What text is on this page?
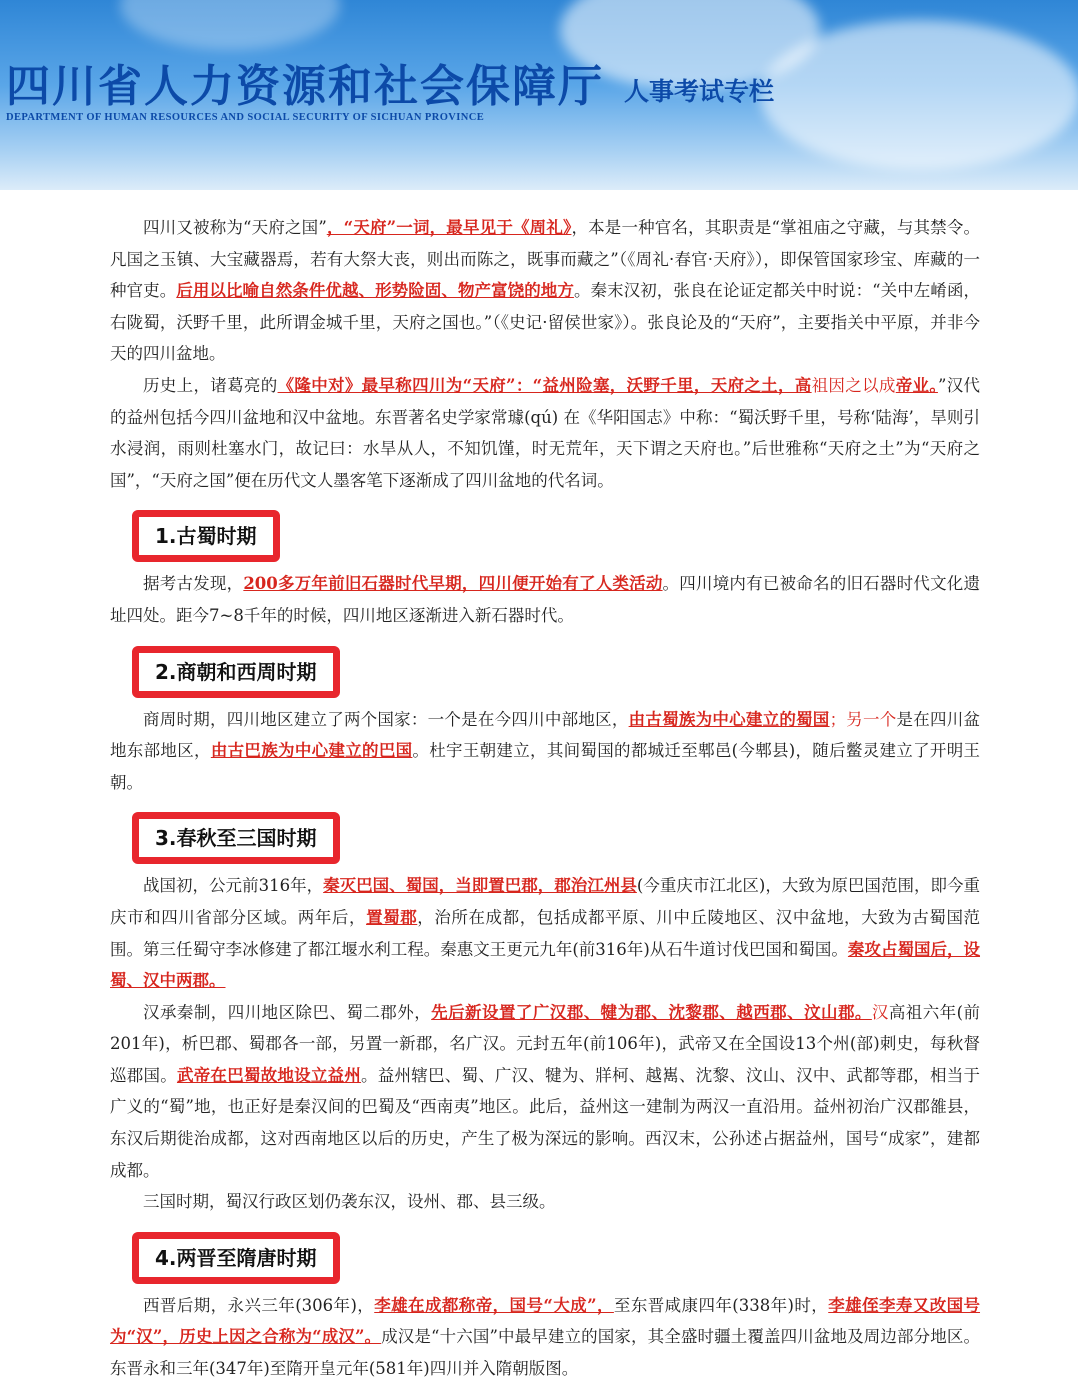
四川省人力资源和社会保障厅

DEPARTMENT OF HUMAN RESOURCES AND SOCIAL SECURITY OF SICHUAN PROVINCE

人事考试专栏

四川又被称为“天府之国”，“天府”一词，最早见于《周礼》，本是一种官名，其职责是“掌祖庙之守藏，与其禁令。凡国之玉镇、大宝藏器焉，若有大祭大丧，则出而陈之，既事而藏之”（《周礼·春官·天府》），即保管国家珍宝、库藏的一种官吏。后用以比喻自然条件优越、形势险固、物产富饶的地方。秦末汉初，张良在论证定都关中时说：“关中左崤函，右陇蜀，沃野千里，此所谓金城千里，天府之国也。”（《史记·留侯世家》）。张良论及的“天府”，主要指关中平原，并非今天的四川盆地。

历史上，诸葛亮的《隆中对》最早称四川为“天府”：“益州险塞，沃野千里，天府之土，高祖因之以成帝业。”汉代的益州包括今四川盆地和汉中盆地。东晋著名史学家常璩(qú) 在《华阳国志》中称：“蜀沃野千里，号称‘陆海’，旱则引水浸润，雨则杜塞水门，故记曰：水旱从人，不知饥馑，时无荒年，天下谓之天府也。”后世雅称“天府之土”为“天府之国”，“天府之国”便在历代文人墨客笔下逐渐成了四川盆地的代名词。

1.古蜀时期

据考古发现，200多万年前旧石器时代早期，四川便开始有了人类活动。四川境内有已被命名的旧石器时代文化遗址四处。距今7~8千年的时候，四川地区逐渐进入新石器时代。

2.商朝和西周时期

商周时期，四川地区建立了两个国家：一个是在今四川中部地区，由古蜀族为中心建立的蜀国；另一个是在四川盆地东部地区，由古巴族为中心建立的巴国。杜宇王朝建立，其间蜀国的都城迁至郫邑(今郫县)，随后鳖灵建立了开明王朝。

3.春秋至三国时期

战国初，公元前316年，秦灭巴国、蜀国，当即置巴郡，郡治江州县(今重庆市江北区)，大致为原巴国范围，即今重庆市和四川省部分区域。两年后，置蜀郡，治所在成都，包括成都平原、川中丘陵地区、汉中盆地，大致为古蜀国范围。第三任蜀守李冰修建了都江堰水利工程。秦惠文王更元九年(前316年)从石牛道讨伐巴国和蜀国。秦攻占蜀国后，设蜀、汉中两郡。

汉承秦制，四川地区除巴、蜀二郡外，先后新设置了广汉郡、犍为郡、沈黎郡、越西郡、汶山郡。汉高祖六年(前201年)，析巴郡、蜀郡各一部，另置一新郡，名广汉。元封五年(前106年)，武帝又在全国设13个州(部)刺史，每秋督巡郡国。武帝在巴蜀故地设立益州。益州辖巴、蜀、广汉、犍为、牂柯、越嶲、沈黎、汶山、汉中、武都等郡，相当于广义的“蜀”地，也正好是秦汉间的巴蜀及“西南夷”地区。此后，益州这一建制为两汉一直沿用。益州初治广汉郡雒县，东汉后期徙治成都，这对西南地区以后的历史，产生了极为深远的影响。西汉末，公孙述占据益州，国号“成家”，建都成都。

三国时期，蜀汉行政区划仍袭东汉，设州、郡、县三级。

4.两晋至隋唐时期

西晋后期，永兴三年(306年)，李雄在成都称帝，国号“大成”，至东晋咸康四年(338年)时，李雄侄李寿又改国号为“汉”，历史上因之合称为“成汉”。成汉是“十六国”中最早建立的国家，其全盛时疆土覆盖四川盆地及周边部分地区。东晋永和三年(347年)至隋开皇元年(581年)四川并入隋朝版图。
